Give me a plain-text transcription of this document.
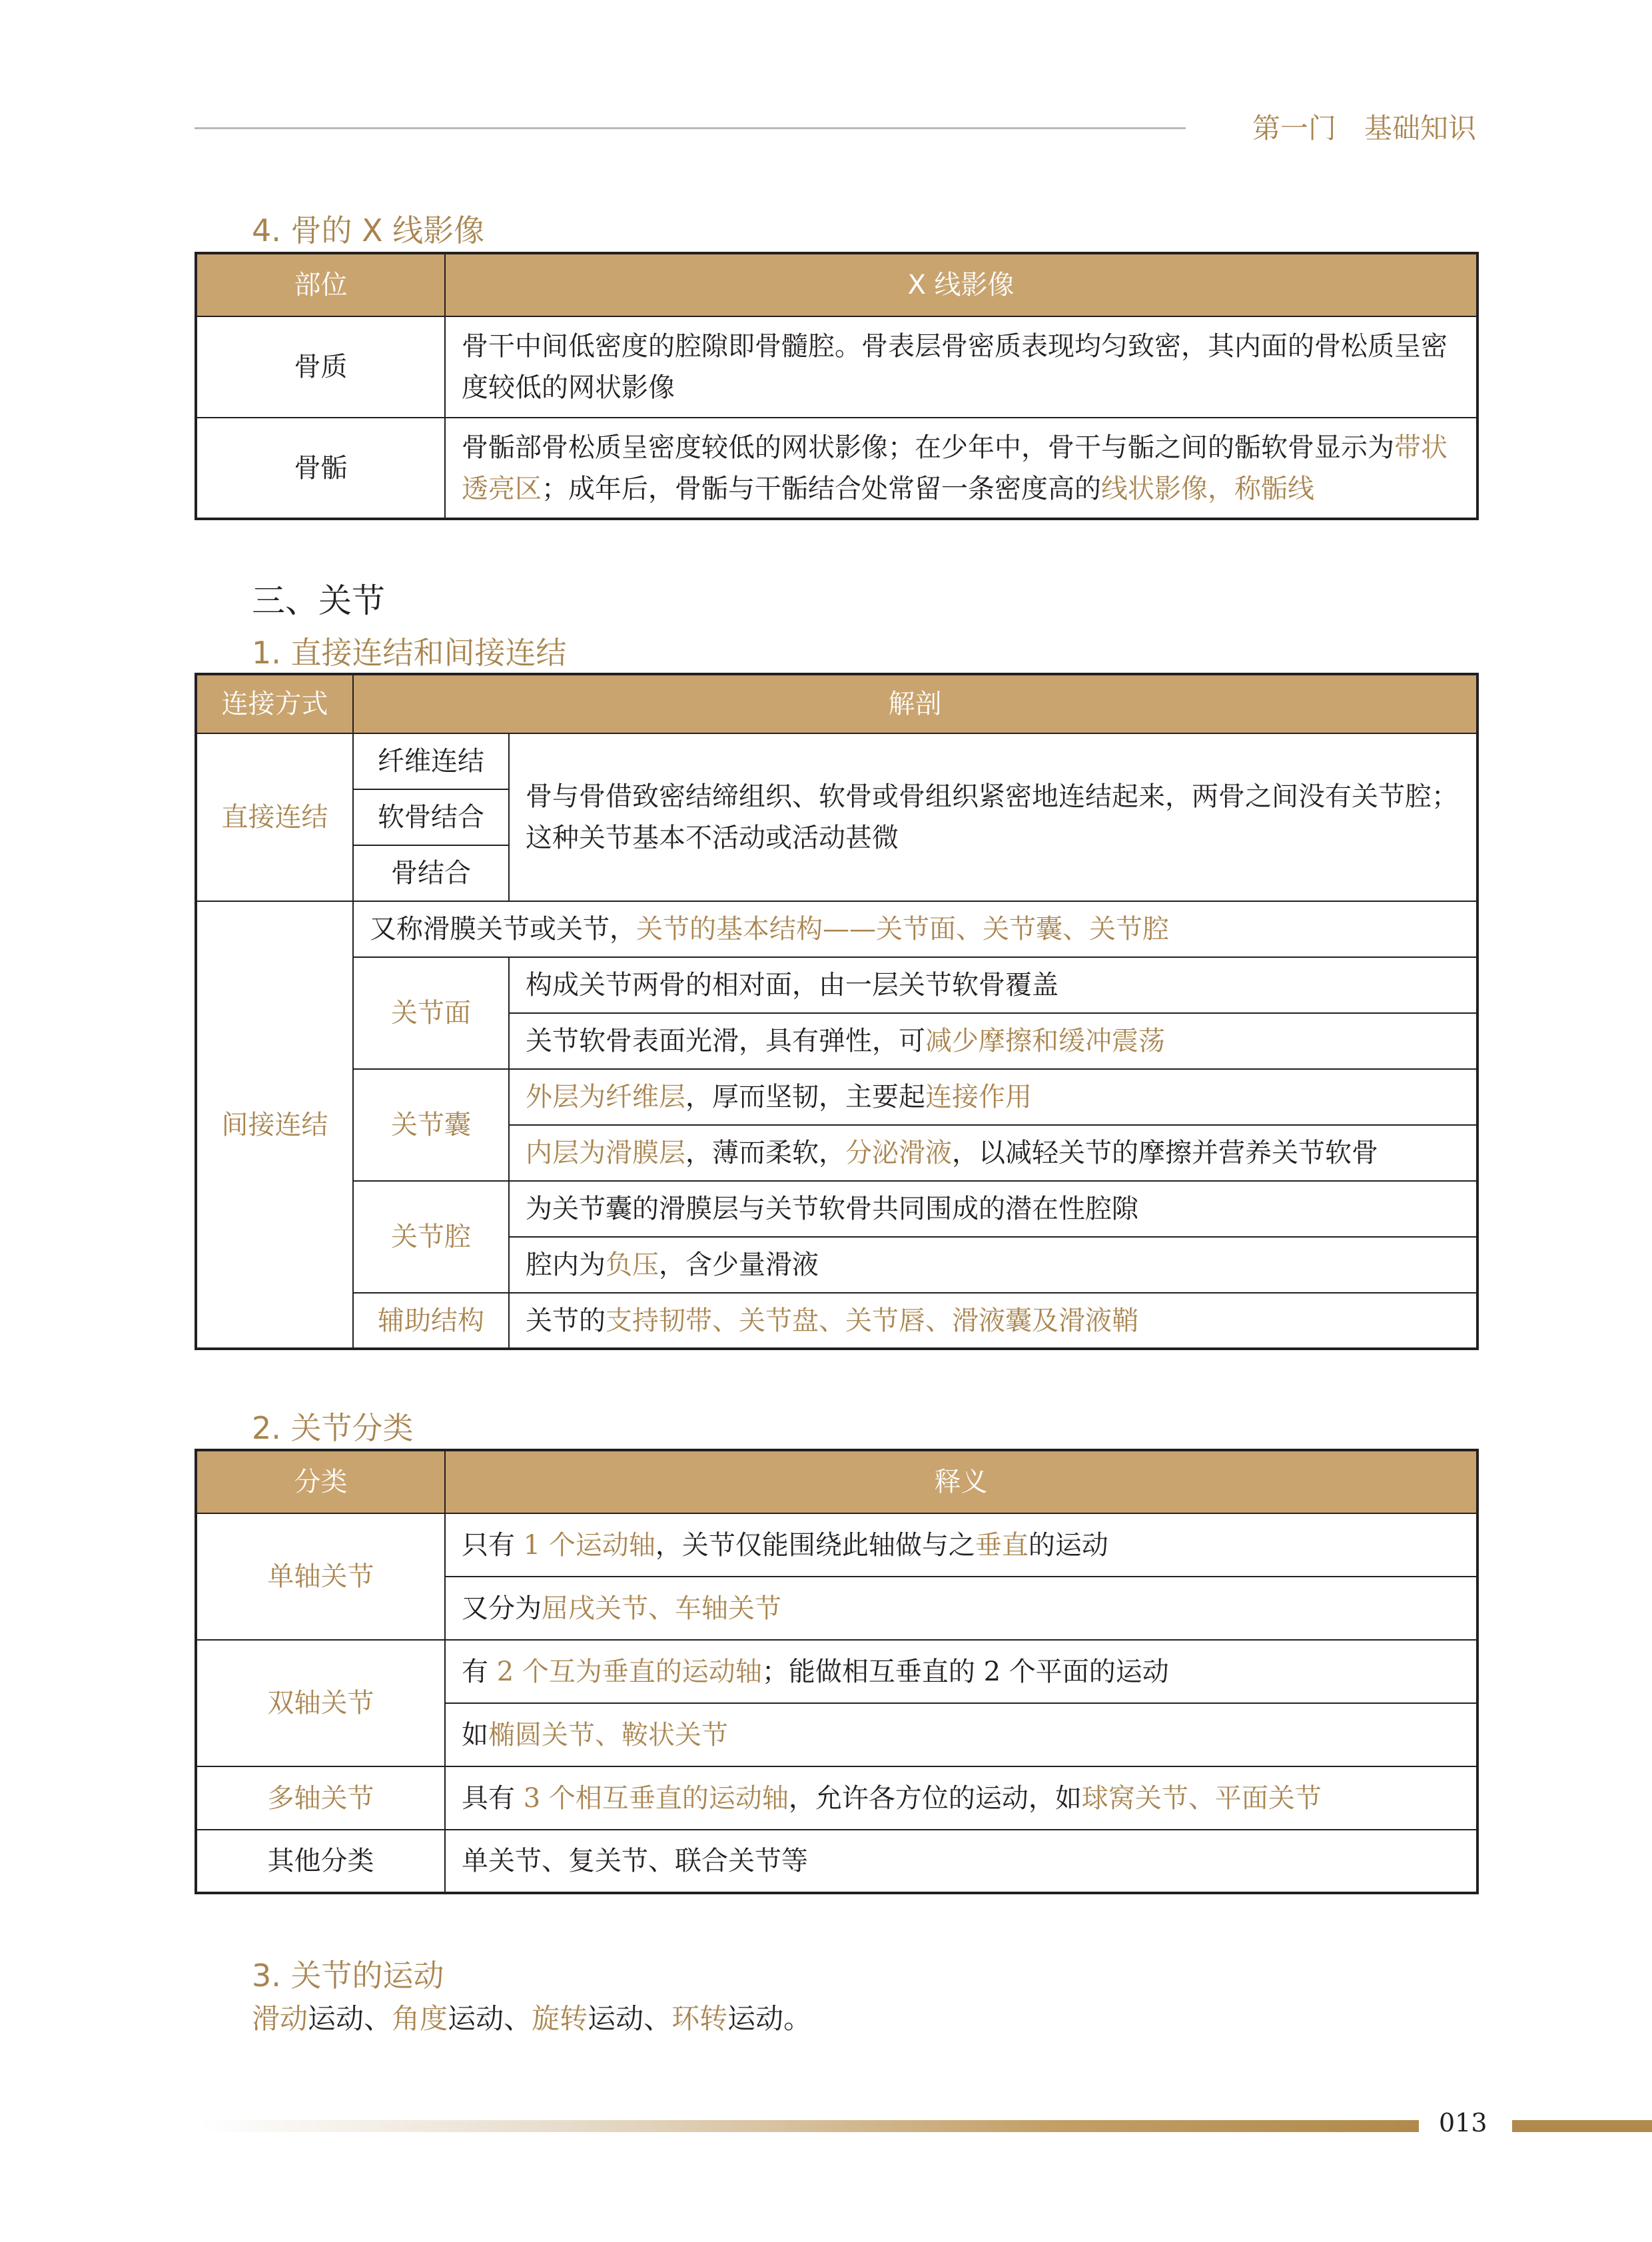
第一门 基础知识
4. 骨的 X 线影像
部位	X 线影像
骨质	骨干中间低密度的腔隙即骨髓腔。骨表层骨密质表现均匀致密，其内面的骨松质呈密度较低的网状影像
骨骺	骨骺部骨松质呈密度较低的网状影像；在少年中，骨干与骺之间的骺软骨显示为带状透亮区；成年后，骨骺与干骺结合处常留一条密度高的线状影像，称骺线
三、关节
1. 直接连结和间接连结
连接方式	解剖	
直接连结	纤维连结	骨与骨借致密结缔组织、软骨或骨组织紧密地连结起来，两骨之间没有关节腔；这种关节基本不活动或活动甚微
	软骨结合	
	骨结合	
间接连结	又称滑膜关节或关节，关节的基本结构——关节面、关节囊、关节腔	
	关节面	构成关节两骨的相对面，由一层关节软骨覆盖
		关节软骨表面光滑，具有弹性，可减少摩擦和缓冲震荡
	关节囊	外层为纤维层，厚而坚韧，主要起连接作用
		内层为滑膜层，薄而柔软，分泌滑液，以减轻关节的摩擦并营养关节软骨
	关节腔	为关节囊的滑膜层与关节软骨共同围成的潜在性腔隙
		腔内为负压，含少量滑液
	辅助结构	关节的支持韧带、关节盘、关节唇、滑液囊及滑液鞘
2. 关节分类
分类	释义
单轴关节	只有 1 个运动轴，关节仅能围绕此轴做与之垂直的运动
	又分为屈戌关节、车轴关节
双轴关节	有 2 个互为垂直的运动轴；能做相互垂直的 2 个平面的运动
	如椭圆关节、鞍状关节
多轴关节	具有 3 个相互垂直的运动轴，允许各方位的运动，如球窝关节、平面关节
其他分类	单关节、复关节、联合关节等
3. 关节的运动
滑动运动、角度运动、旋转运动、环转运动。
013
